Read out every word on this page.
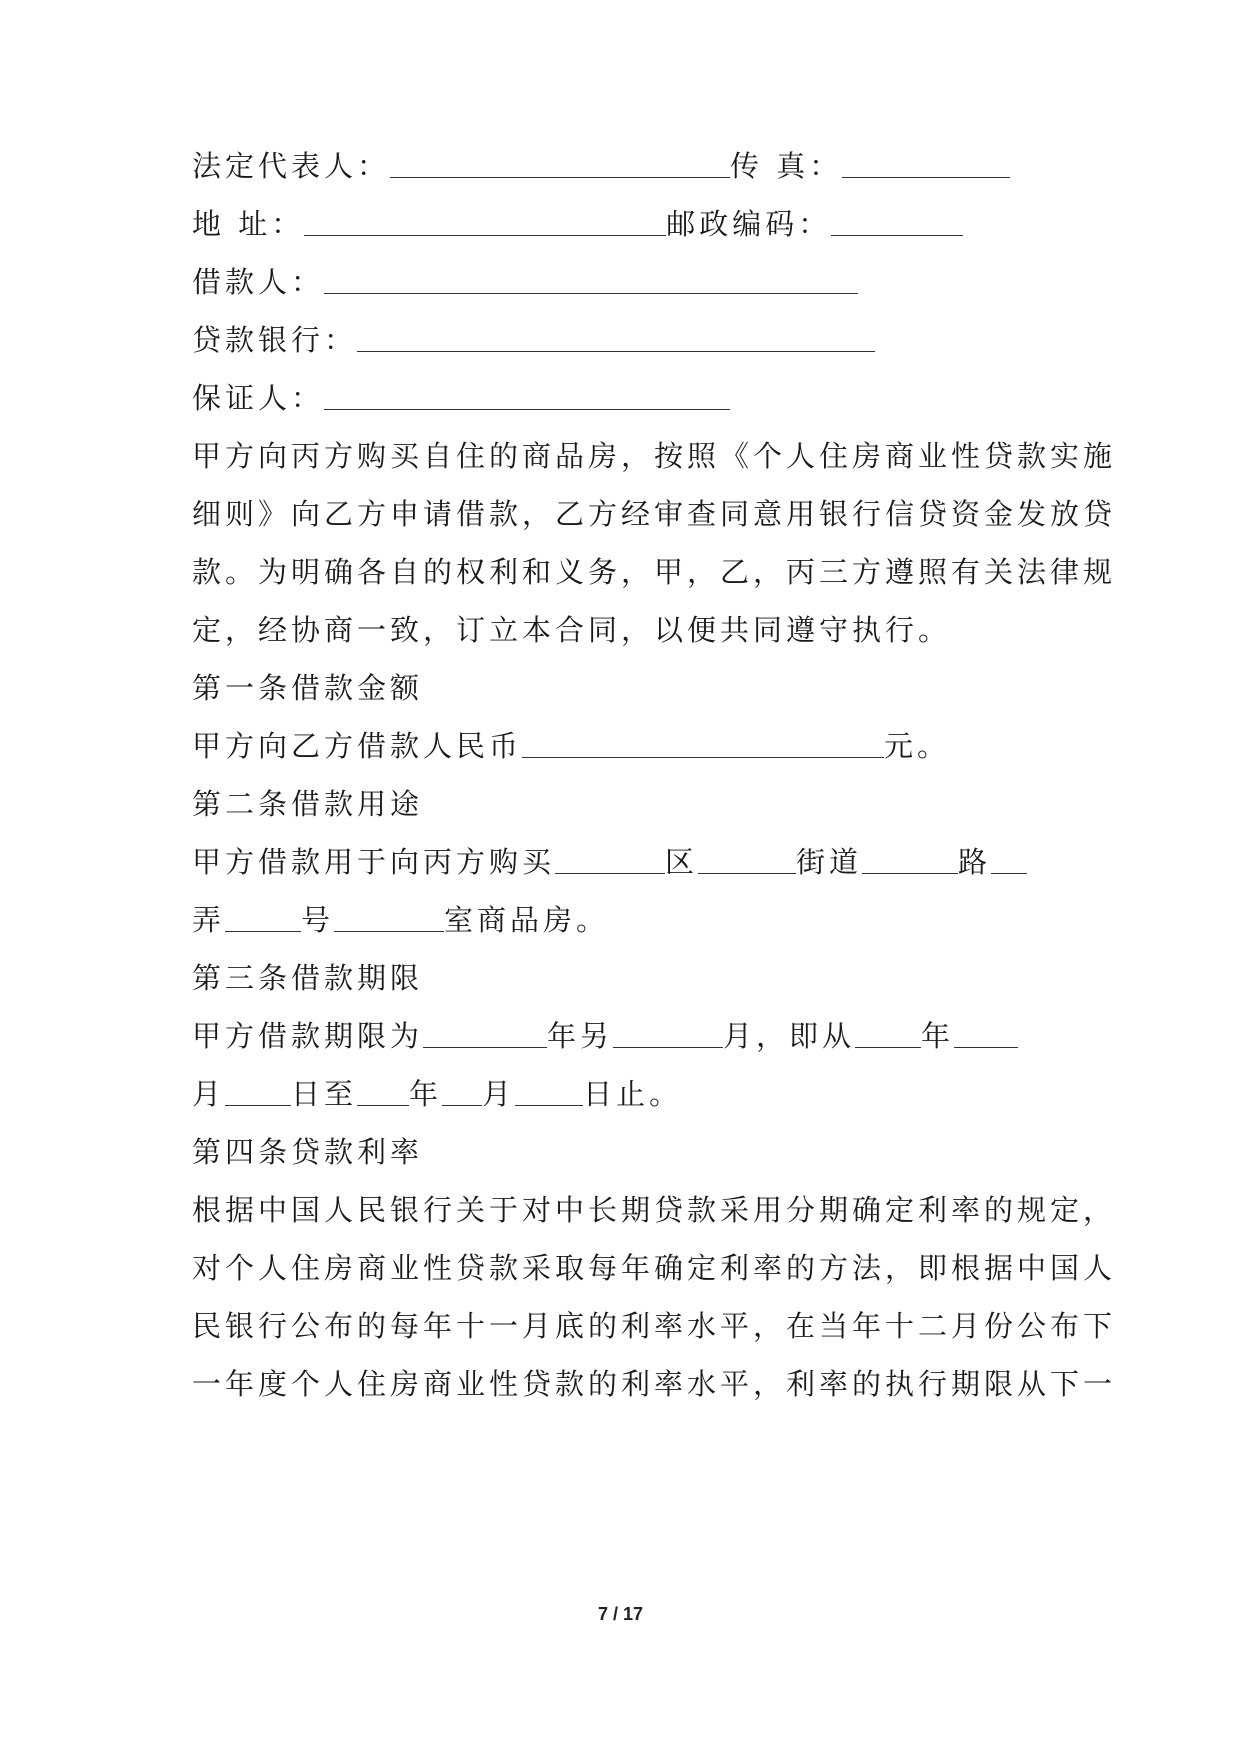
法定代表人：	传 真：
地 址：	邮政编码：
借款人：
贷款银行：
保证人：
甲方向丙方购买自住的商品房，按照《个人住房商业性贷款实施
细则》向乙方申请借款，乙方经审查同意用银行信贷资金发放贷
款。为明确各自的权利和义务，甲，乙，丙三方遵照有关法律规
定，经协商一致，订立本合同，以便共同遵守执行。
第一条借款金额
甲方向乙方借款人民币	元。
第二条借款用途
甲方借款用于向丙方购买	区	街道	路
弄	号	室商品房。
第三条借款期限
甲方借款期限为	年另	月，即从 年
月 日至 年 月 日止。
第四条贷款利率
根据中国人民银行关于对中长期贷款采用分期确定利率的规定，
对个人住房商业性贷款采取每年确定利率的方法，即根据中国人
民银行公布的每年十一月底的利率水平，在当年十二月份公布下
一年度个人住房商业性贷款的利率水平，利率的执行期限从下一
7 / 17
